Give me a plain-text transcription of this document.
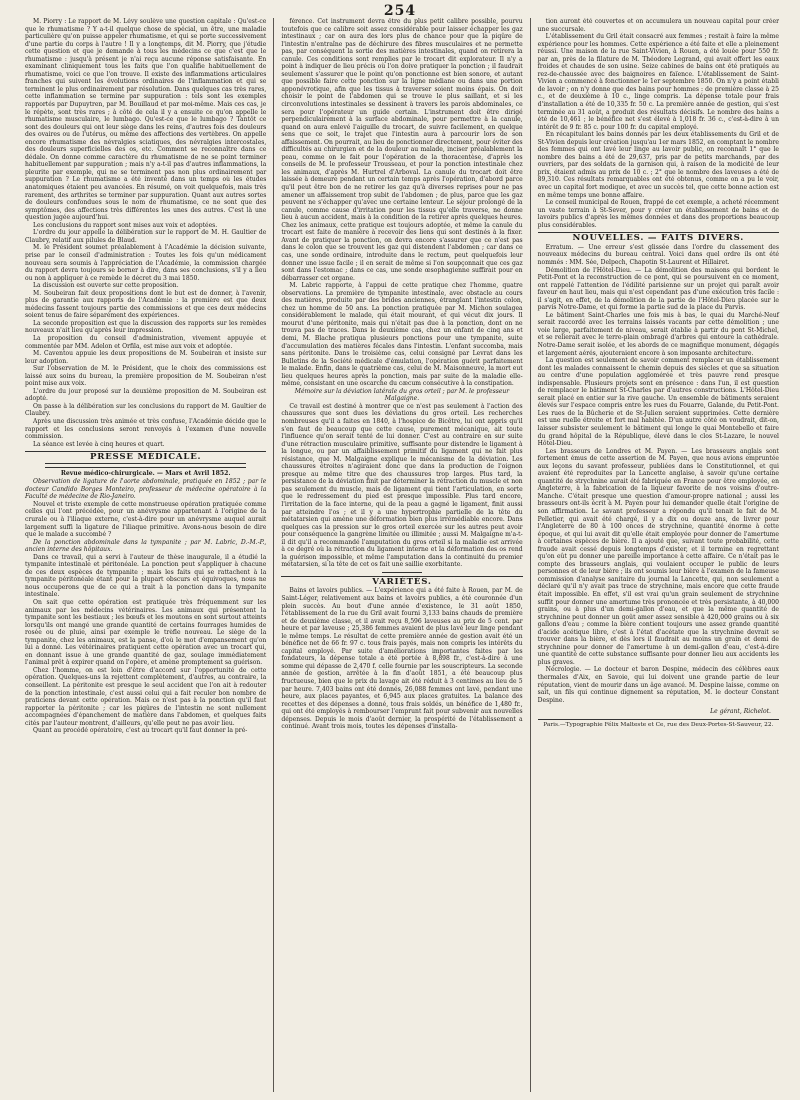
254

M. Piorry : Le rapport de M. Lévy soulève une question capitale : Qu'est-ce que le rhumatisme ? Y a-t-il quelque chose de spécial, un être, une maladie particulière qu'on puisse appeler rhumatisme, et qui se porte successivement d'une partie du corps à l'autre ! Il y a longtemps, dit M. Piorry, que j'étudie cette question et que je demande à tous les médecins ce que c'est que le rhumatisme : jusqu'à présent je n'ai reçu aucune réponse satisfaisante. En examinant cliniquement tous les faits que l'on qualifie habituellement de rhumatisme, voici ce que l'on trouve. Il existe des inflammations articulaires franches qui suivent les évolutions ordinaires de l'inflammation et qui se terminent le plus ordinairement par résolution. Dans quelques cas très rares, cette inflammation se termine par suppuration : tels sont les exemples rapportés par Dupuytren, par M. Bouillaud et par moi-même. Mais ces cas, je le répète, sont très rares ; à côté de cela il y a ensuite ce qu'on appelle le rhumatisme musculaire, le lumbago. Qu'est-ce que le lumbago ? Tantôt ce sont des douleurs qui ont leur siège dans les reins, d'autres fois des douleurs des ovaires ou de l'utérus, ou même des affections des vertèbres. On appelle encore rhumatisme des névralgies sciatiques, des névralgies intercostales, des douleurs superficielles des os, etc. Comment se reconnaître dans ce dédale. On donne comme caractère du rhumatisme de ne se point terminer habituellement par suppuration ; mais n'y a-t-il pas d'autres inflammations, la pleurite par exemple, qui ne se terminent pas non plus ordinairement par suppuration ? Le rhumatisme a été inventé dans un temps où les études anatomiques étaient peu avancées. En résumé, on voit quelquefois, mais très rarement, des arthrites se terminer par suppuration. Quant aux autres sortes de douleurs confondues sous le nom de rhumatisme, ce ne sont que des symptômes, des affections très différentes les unes des autres. C'est là une question jugée aujourd'hui.

Les conclusions du rapport sont mises aux voix et adoptées.

L'ordre du jour appelle la délibération sur le rapport de M. H. Gaultier de Claubry, relatif aux pilules de Blaud.

M. le Président soumet préalablement à l'Académie la décision suivante, prise par le conseil d'administration : Toutes les fois qu'un médicament nouveau sera soumis à l'appréciation de l'Académie, la commission chargée du rapport devra toujours se borner à dire, dans ses conclusions, s'il y a lieu ou non à appliquer à ce remède le décret du 3 mai 1850.

La discussion est ouverte sur cette proposition.

M. Soubeiran fait deux propositions dont le but est de donner, à l'avenir, plus de garantie aux rapports de l'Académie : la première est que deux médecins fassent toujours partie des commissions et que ces deux médecins soient tenus de faire séparément des expériences.

La seconde proposition est que la discussion des rapports sur les remèdes nouveaux n'ait lieu qu'après leur impression.

La proposition du conseil d'administration, vivement appuyée et commentée par MM. Adelon et Orfila, est mise aux voix et adoptée.

M. Caventou appuie les deux propositions de M. Soubeiran et insiste sur leur adoption.

Sur l'observation de M. le Président, que le choix des commissions est laissé aux soins du bureau, la première proposition de M. Soubeiran n'est point mise aux voix.

L'ordre du jour proposé sur la deuxième proposition de M. Soubeiran est adopté.

On passe à la délibération sur les conclusions du rapport de M. Gaultier de Claubry.

Après une discussion très animée et très confuse, l'Académie décide que le rapport et les conclusions seront renvoyés à l'examen d'une nouvelle commission.

La séance est levée à cinq heures et quart.

PRESSE MÉDICALE.
Revue médico-chirurgicale. — Mars et Avril 1852.

Observation de ligature de l'aorte abdominale, pratiquée en 1852 ; par le docteur Candido Borges Monteiro, professeur de médecine opératoire à la Faculté de médecine de Rio-Janeiro.

Nouvel et triste exemple de cette monstrueuse opération pratiquée comme celles qui l'ont précédée, pour un anévrysme appartenant à l'origine de la crurale ou à l'iliaque externe, c'est-à-dire pour un anévrysme auquel aurait largement suffi la ligature de l'iliaque primitive. Avons-nous besoin de dire que le malade a succombé ?

De la ponction abdominale dans la tympanite ; par M. Labric, D.-M.-P., ancien interne des hôpitaux.

Dans ce travail, qui a servi à l'auteur de thèse inaugurale, il a étudié la tympanite intestinale et péritonéale. La ponction peut s'appliquer à chacune de ces deux espèces de tympanite ; mais les faits qui se rattachent à la tympanite péritonéale étant pour la plupart obscurs et équivoques, nous ne nous occuperons que de ce qui a trait à la ponction dans la tympanite intestinale.

On sait que cette opération est pratiquée très fréquemment sur les animaux par les médecins vétérinaires. Les animaux qui présentent la tympanite sont les bestiaux ; les bœufs et les moutons en sont surtout atteints lorsqu'ils ont mangé une grande quantité de certains fourrages humides de rosée ou de pluie, ainsi par exemple le trèfle nouveau. Le siège de la tympanite, chez les animaux, est la panse, d'où le mot d'empansement qu'on lui a donné. Les vétérinaires pratiquent cette opération avec un trocart qui, en donnant issue à une grande quantité de gaz, soulage immédiatement l'animal prêt à expirer quand on l'opère, et amène promptement sa guérison.

Chez l'homme, on est loin d'être d'accord sur l'opportunité de cette opération. Quelques-uns la rejettent complètement, d'autres, au contraire, la conseillent. La péritonite est presque le seul accident que l'on ait à redouter de la ponction intestinale, c'est aussi celui qui a fait reculer bon nombre de praticiens devant cette opération. Mais ce n'est pas à la ponction qu'il faut rapporter la péritonite ; car les piqûres de l'intestin ne sont nullement accompagnées d'épanchement de matière dans l'abdomen, et quelques faits cités par l'auteur montrent, d'ailleurs, qu'elle peut ne pas avoir lieu.

Quant au procédé opératoire, c'est au trocart qu'il faut donner la pré-

férence. Cet instrument devra être du plus petit calibre possible, pourvu toutefois que ce calibre soit assez considérable pour laisser échapper les gaz intestinaux ; car on aura des lors plus de chance pour que la piqûre de l'intestin n'entraîne pas de déchirure des fibres musculaires et ne permette pas, par conséquent la sortie des matières intestinales, quand on retirera la canule. Ces conditions sont remplies par le trocart dit explorateur. Il n'y a point à indiquer de lieu précis où l'on doive pratiquer la ponction ; il faudrait seulement s'assurer que le point qu'on ponctionne est bien sonore, et autant que possible faire cette ponction sur la ligne médiane ou dans une portion apponévrotique, afin que les tissus à traverser soient moins épais. On doit choisir le point de l'abdomen qui se trouve le plus saillant, et si les circonvolutions intestinales se dessinent à travers les parois abdominales, ce sera pour l'opérateur un guide certain. L'instrument doit être dirigé perpendiculairement à la surface abdominale, pour permettre à la canule, quand on aura enlevé l'aiguille du trocart, de suivre facilement, en quelque sens que ce soit, le trajet que l'intestin aura à parcourir lors de son affaissement. On pourrait, au lieu de ponctionner directement, pour éviter des difficultés au chirurgien et de la douleur au malade, inciser préalablement la peau, comme on le fait pour l'opération de la thoracentèse, d'après les conseils de M. le professeur Trousseau, et pour la ponction intestinale chez les animaux, d'après M. Hurtrel d'Arboval. La canule du trocart doit être laissée à demeure pendant un certain temps après l'opération, d'abord parce qu'il peut être bon de ne retirer les gaz qu'à diverses reprises pour ne pas amener un affaissement trop subit de l'abdomen ; de plus, parce que les gaz peuvent ne s'échapper qu'avec une certaine lenteur. Le séjour prolongé de la canule, comme cause d'irritation pour les tissus qu'elle traverse, ne donne lieu à aucun accident, mais à la condition de la retirer après quelques heures. Chez les animaux, cette pratique est toujours adoptée, et même la canule du trocart est faite de manière à recevoir des liens qui sont destinés à la fixer. Avant de pratiquer la ponction, on devra encore s'assurer que ce n'est pas dans le colon que se trouvent les gaz qui distendent l'abdomen ; car dans ce cas, une sonde ordinaire, introduite dans le rectum, peut quelquefois leur donner une issue facile ; il en serait de même si l'on soupçonnait que ces gaz sont dans l'estomac ; dans ce cas, une sonde œsophagienne suffirait pour en débarrasser cet organe.

M. Labric rapporte, à l'appui de cette pratique chez l'homme, quatre observations. La première de tympanite intestinale, avec obstacle au cours des matières, produite par des brides anciennes, étranglant l'intestin colon, chez un homme de 50 ans. La ponction pratiquée par M. Michon soulagea considérablement le malade, qui était mourant, et qui vécut dix jours. Il mourut d'une péritonite, mais qui n'était pas due à la ponction, dont on ne trouva pas de traces. Dans le deuxième cas, chez un enfant de cinq ans et demi, M. Blache pratiqua plusieurs ponctions pour une tympanite, suite d'accumulation des matières fécales dans l'intestin. L'enfant succomba, mais sans péritonite. Dans le troisième cas, celui consigné par Levrat dans les Bulletins de la Société médicale d'émulation, l'opération guérit parfaitement le malade. Enfin, dans le quatrième cas, celui de M. Maisonneuve, la mort eut lieu quelques heures après la ponction, mais par suite de la maladie elle-même, consistant en une oscarche du cæcum consécutive à la constipation.

Mémoire sur la déviation latérale du gros orteil ; par M. le professeur Malgaigne.

Ce travail est destiné à montrer que ce n'est pas seulement à l'action des chaussures que sont dues les déviations du gros orteil. Les recherches nombreuses qu'il a faites en 1840, à l'hospice de Bicêtre, lui ont appris qu'il s'en faut de beaucoup que cette cause, purement mécanique, ait toute l'influence qu'on serait tenté de lui donner. C'est au contraire en sur suite d'une rétraction musculaire primitive, suffisante pour distendre le ligament à la longue, ou par un affaiblissement primitif du ligament qui ne fait plus résistance, que M. Malgaigne explique le mécanisme de la déviation. Les chaussures étroites n'agiraient donc que dans la production de l'oignon presque au même titre que des chaussures trop larges. Plus tard, la persistance de la déviation finit par déterminer la rétraction du muscle et non pas seulement du muscle, mais de ligament qui tient l'articulation, en sorte que le redressement du pied est presque impossible. Plus tard encore, l'irritation de la face interne, qui de la peau a gagné le ligament, finit aussi par atteindre l'os ; et il y a une hypertrophie partielle de la tête du métatarsien qui amène une déformation bien plus irrémédiable encore. Dans quelques cas la pression sur le gros orteil exercée sur les autres peut avoir pour conséquence la gangrène limitée ou illimitée ; aussi M. Malgaigne m'a-t-il dit qu'il a recommandé l'amputation du gros orteil si la maladie est arrivée à ce degré où la rétraction du ligament interne et la déformation des os rend la guérison impossible, et même l'amputation dans la continuité du premier métatarsien, si la tête de cet os fait une saillie exorbitante.

VARIÉTÉS.

Bains et lavoirs publics. — L'expérience qui a été faite à Rouen, par M. de Saint-Léger, relativement aux bains et lavoirs publics, a été couronnée d'un plein succès. Au bout d'une année d'existence, le 31 août 1850, l'établissement de la rue du Gril avait fourni 3,133 bains chauds de première et de deuxième classe, et il avait reçu 8,596 laveuses au prix de 5 cent. par heure et par laveuse ; 25,386 femmes avaient de plus lavé leur linge pendant le même temps. Le résultat de cette première année de gestion avait été un bénéfice net de 66 fr. 97 c. tous frais payés, mais non compris les intérêts du capital employé. Par suite d'améliorations importantes faites par les fondateurs, la dépense totale a été portée à 8,898 fr., c'est-à-dire à une somme qui dépasse de 2,470 f. celle fournie par les souscripteurs. La seconde année de gestion, arrêtée à la fin d'août 1851, a été beaucoup plus fructueuse, bien que le prix du lavage ait été réduit à 3 centimes au lieu de 5 par heure. 7,403 bains ont été donnés, 26,088 femmes ont lavé, pendant une heure, aux places payantes, et 6,945 aux places gratuites. La balance des recettes et des dépenses a donné, tous frais soldés, un bénéfice de 1,480 fr., qui ont été employés à rembourser l'emprunt fait pour subvenir aux nouvelles dépenses. Depuis le mois d'août dernier, la prospérité de l'établissement a continué. Avant trois mois, toutes les dépenses d'installa-

tion auront été couvertes et on accumulera un nouveau capital pour créer une succursale.

L'établissement du Gril était consacré aux femmes ; restait à faire la même expérience pour les hommes. Cette expérience a été faite et elle a pleinement réussi. Une maison de la rue Saint-Vivien, à Rouen, a été louée pour 550 fr. par an, près de la filature de M. Théodore Legrand, qui avait offert les eaux froides et chaudes de son usine. Seize cabines de bains ont été pratiqués au rez-de-chaussée avec des baignoires en faïence. L'établissement de Saint-Vivien a commencé à fonctionner le 1er septembre 1850. On n'y a point établi de lavoir ; on n'y donne que des bains pour hommes : de première classe à 25 c., et de deuxième à 10 c., linge compris. La dépense totale pour frais d'installation a été de 10,335 fr. 50 c. La première année de gestion, qui s'est terminée au 31 août, a produit des résultats décisifs. Le nombre des bains a été de 10,461 ; le bénéfice net s'est élevé à 1,018 fr. 36 c., c'est-à-dire à un intérêt de 9 fr. 85 c. pour 100 fr. du capital employé.

En récapitulant les bains donnés par les deux établissements du Gril et de St-Vivien depuis leur création jusqu'au 1er mars 1852, en comptant le nombre des femmes qui ont lavé leur linge au lavoir public, on reconnaît 1° que le nombre des bains a été de 29,637, pris par de petits marchands, par des ouvriers, par des soldats de la garnison qui, à raison de la modicité de leur prix, étaient admis au prix de 10 c. ; 2° que le nombre des laveuses a été de 89,310. Ces résultats remarquables ont été obtenus, comme on a pu le voir, avec un capital fort modique, et avec un succès tel, que cette bonne action est en même temps une bonne affaire.

Le conseil municipal de Rouen, frappé de cet exemple, a acheté récemment un vaste terrain à St-Sever, pour y créer un établissement de bains et de lavoirs publics d'après les mêmes données et dans des proportions beaucoup plus considérables.

NOUVELLES. — FAITS DIVERS.

Erratum. — Une erreur s'est glissée dans l'ordre du classement des nouveaux médecins du bureau central. Voici dans quel ordre ils ont été nommés : MM. Sée, Delpech, Chapotin St-Laurent et Hillairet.

Démolition de l'Hôtel-Dieu. — La démolition des maisons qui bordent le Petit-Pont et la reconstruction de ce pont, qui se poursuivent en ce moment, ont rappelé l'attention de l'édilité parisienne sur un projet qui paraît avoir faveur en haut lieu, mais qui n'est cependant pas d'une exécution très facile : il s'agit, en effet, de la démolition de la partie de l'Hôtel-Dieu placée sur le parvis Notre-Dame, et qui forme la partie sud de la place du Parvis.

Le bâtiment Saint-Charles une fois mis à bas, le quai du Marché-Neuf serait raccordé avec les terrains laissés vacants par cette démolition ; une voie large, parfaitement de niveau, serait établie à partir du pont St-Michel, et se relierait avec le terre-plain ombragé d'arbres qui entoure la cathédrale. Notre-Dame serait isolée, et les abords de ce magnifique monument, dégagés et largement aérés, ajouteraient encore à son imposante architecture.

La question est seulement de savoir comment remplacer un établissement dont les malades connaissent le chemin depuis des siècles et que sa situation au centre d'une population agglomérée et très pauvre rend presque indispensable. Plusieurs projets sont en présence : dans l'un, il est question de remplacer le bâtiment St-Charles par d'autres constructions. L'Hôtel-Dieu serait placé en entier sur la rive gauche. Un ensemble de bâtiments seraient élevés sur l'espace compris entre les rues du Fouarre, Galande, du Petit-Pont. Les rues de la Bûcherie et de St-Julien seraient supprimées. Cette dernière est une ruelle étroite et fort mal habitée. D'un autre côté on voudrait, dit-on, laisser subsister seulement le bâtiment qui longe le quai Montebello et faire du grand hôpital de la République, élevé dans le clos St-Lazare, le nouvel Hôtel-Dieu.

Les brasseurs de Londres et M. Payen. — Les brasseurs anglais sont fortement émus de cette assertion de M. Payen, que nous avions empruntée aux leçons du savant professeur, publiées dans le Constitutionnel, et qui avaient été reproduites par la Lancette anglaise, à savoir qu'une certaine quantité de strychnine aurait été fabriquée en France pour être employée, en Angleterre, à la fabrication de la liqueur favorite de nos voisins d'outre-Manche. C'était presque une question d'amour-propre national ; aussi les brasseurs ont-ils écrit à M. Payen pour lui demander quelle était l'origine de son affirmation. Le savant professeur a répondu qu'il tenait le fait de M. Pelletier, qui avait été chargé, il y a dix ou douze ans, de livrer pour l'Angleterre de 80 à 100 onces de strychnine, quantité énorme à cette époque, et qui lui avait dit qu'elle était employée pour donner de l'amertume à certaines espèces de bière. Il a ajouté que, suivant toute probabilité, cette fraude avait cessé depuis longtemps d'exister, et il termine en regrettant qu'on eût pu donner une pareille importance à cette affaire. Ce n'était pas le compte des brasseurs anglais, qui voulaient occuper le public de leurs personnes et de leur bière ; ils ont soumis leur bière à l'examen de la fameuse commission d'analyse sanitaire du journal la Lancette, qui, non seulement a déclaré qu'il n'y avait pas trace de strychnine, mais encore que cette fraude était impossible. En effet, s'il est vrai qu'un grain seulement de strychnine suffit pour donner une amertume très prononcée et très persistante, à 40,000 grains, ou à plus d'un demi-gallon d'eau, et que la même quantité de strychnine peut donner un goût amer assez sensible à 420,000 grains ou à six gallons d'eau ; comme la bière contient toujours une assez grande quantité d'acide acétique libre, c'est à l'état d'acétate que la strychnine devrait se trouver dans la bière, et dès lors il faudrait au moins un grain et demi de strychnine pour donner de l'amertume à un demi-gallon d'eau, c'est-à-dire une quantité de cette substance suffisante pour donner lieu aux accidents les plus graves.

Nécrologie. — Le docteur et baron Despine, médecin des célèbres eaux thermales d'Aix, en Savoie, qui lui doivent une grande partie de leur réputation, vient de mourir dans un âge avancé. M. Despine laisse, comme on sait, un fils qui continue dignement sa réputation, M. le docteur Constant Despine.

Le gérant, Richelot.
Paris.—Typographie Félix Malteste et Ce, rue des Deux-Portes-St-Sauveur, 22.
